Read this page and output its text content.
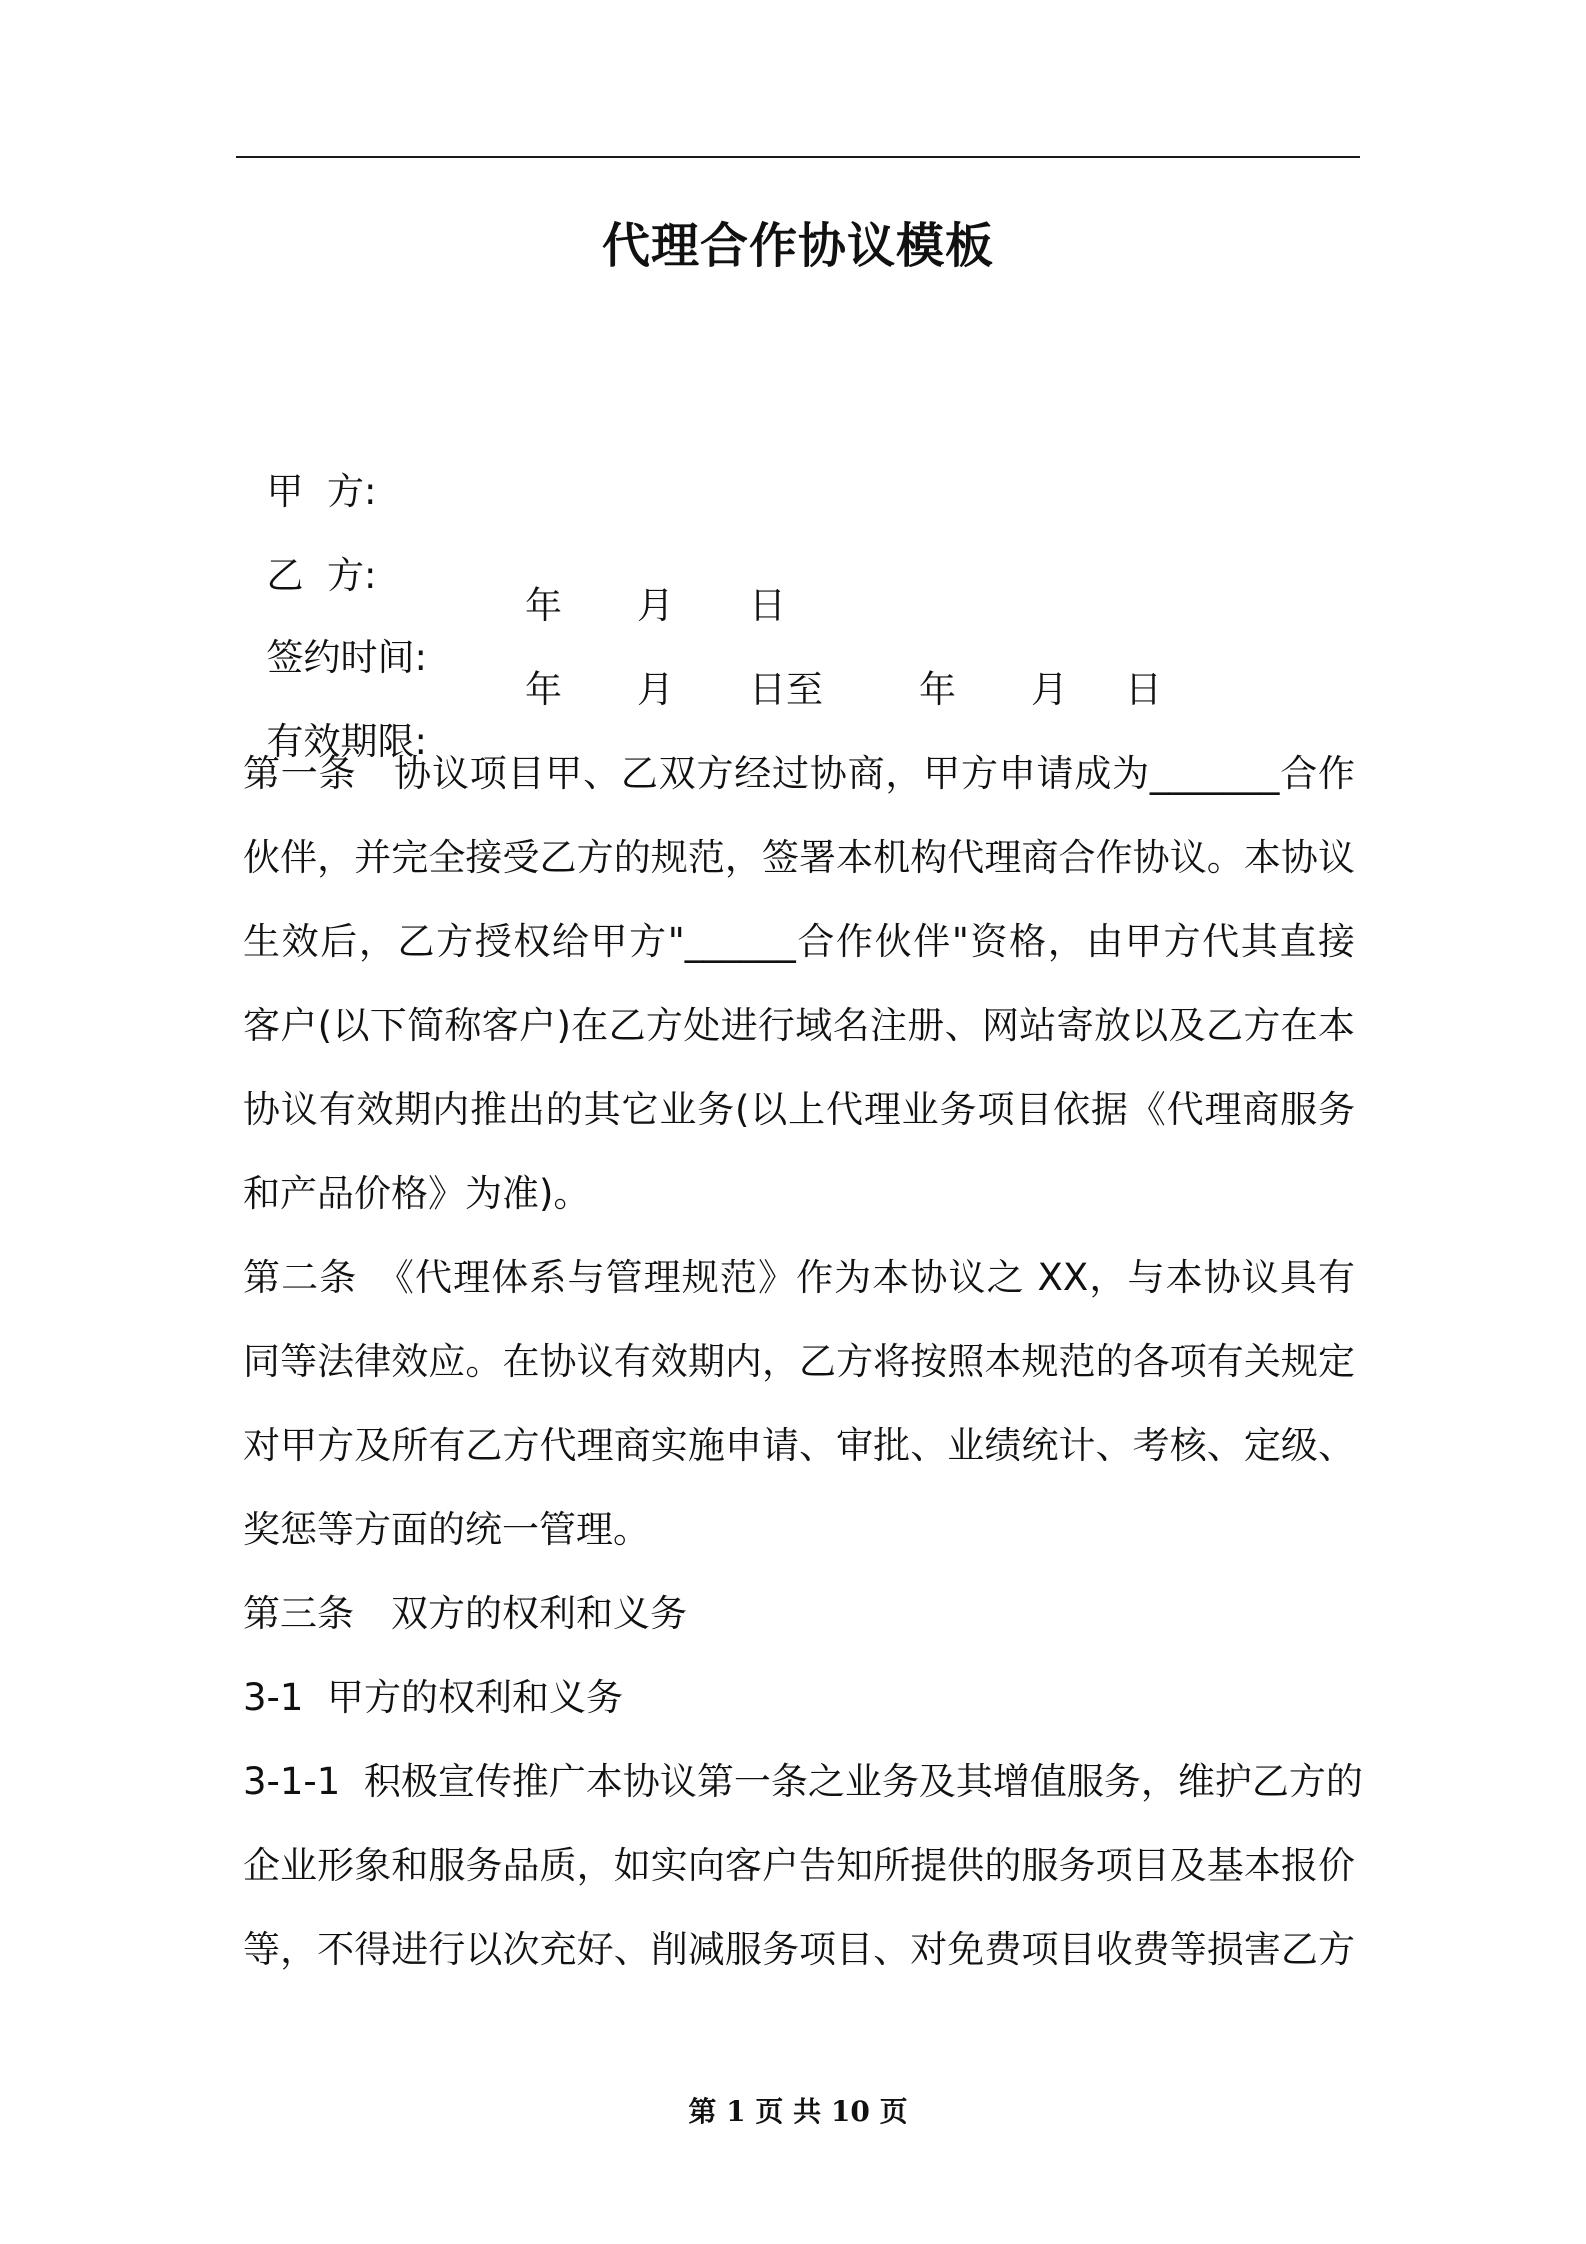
代理合作协议模板

甲  方:

乙  方:

签约时间:

年

月

日

有效期限:

年

月

日至

	年

月

日

第一条　协议项目甲、乙双方经过协商，甲方申请成为_______合作
伙伴，并完全接受乙方的规范，签署本机构代理商合作协议。本协议
生效后，乙方授权给甲方"______合作伙伴"资格，由甲方代其直接
客户(以下简称客户)在乙方处进行域名注册、网站寄放以及乙方在本
协议有效期内推出的其它业务(以上代理业务项目依据《代理商服务
和产品价格》为准)。
第二条　《代理体系与管理规范》作为本协议之 XX，与本协议具有
同等法律效应。在协议有效期内，乙方将按照本规范的各项有关规定
对甲方及所有乙方代理商实施申请、审批、业绩统计、考核、定级、
奖惩等方面的统一管理。
第三条　双方的权利和义务
3-1  甲方的权利和义务
3-1-1  积极宣传推广本协议第一条之业务及其增值服务，维护乙方的
企业形象和服务品质，如实向客户告知所提供的服务项目及基本报价
等，不得进行以次充好、削减服务项目、对免费项目收费等损害乙方
第 1 页 共 10 页
